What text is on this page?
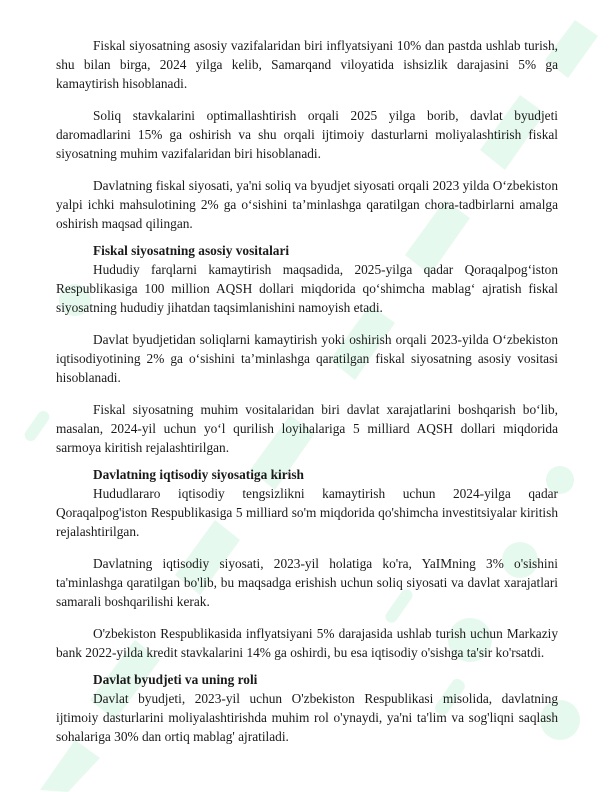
Fiskal siyosatning asosiy vazifalaridan biri inflyatsiyani 10% dan pastda ushlab turish, shu bilan birga, 2024 yilga kelib, Samarqand viloyatida ishsizlik darajasini 5% ga kamaytirish hisoblanadi.

Soliq stavkalarini optimallashtirish orqali 2025 yilga borib, davlat byudjeti daromadlarini 15% ga oshirish va shu orqali ijtimoiy dasturlarni moliyalashtirish fiskal siyosatning muhim vazifalaridan biri hisoblanadi.

Davlatning fiskal siyosati, ya'ni soliq va byudjet siyosati orqali 2023 yilda O‘zbekiston yalpi ichki mahsulotining 2% ga o‘sishini ta’minlashga qaratilgan chora-tadbirlarni amalga oshirish maqsad qilingan.

Fiskal siyosatning asosiy vositalari

Hududiy farqlarni kamaytirish maqsadida, 2025-yilga qadar Qoraqalpog‘iston Respublikasiga 100 million AQSH dollari miqdorida qo‘shimcha mablag‘ ajratish fiskal siyosatning hududiy jihatdan taqsimlanishini namoyish etadi.

Davlat byudjetidan soliqlarni kamaytirish yoki oshirish orqali 2023-yilda O‘zbekiston iqtisodiyotining 2% ga o‘sishini ta’minlashga qaratilgan fiskal siyosatning asosiy vositasi hisoblanadi.

Fiskal siyosatning muhim vositalaridan biri davlat xarajatlarini boshqarish bo‘lib, masalan, 2024-yil uchun yo‘l qurilish loyihalariga 5 milliard AQSH dollari miqdorida sarmoya kiritish rejalashtirilgan.

Davlatning iqtisodiy siyosatiga kirish

Hududlararo iqtisodiy tengsizlikni kamaytirish uchun 2024-yilga qadar Qoraqalpog'iston Respublikasiga 5 milliard so'm miqdorida qo'shimcha investitsiyalar kiritish rejalashtirilgan.

Davlatning iqtisodiy siyosati, 2023-yil holatiga ko'ra, YaIMning 3% o'sishini ta'minlashga qaratilgan bo'lib, bu maqsadga erishish uchun soliq siyosati va davlat xarajatlari samarali boshqarilishi kerak.

O'zbekiston Respublikasida inflyatsiyani 5% darajasida ushlab turish uchun Markaziy bank 2022-yilda kredit stavkalarini 14% ga oshirdi, bu esa iqtisodiy o'sishga ta'sir ko'rsatdi.

Davlat byudjeti va uning roli

Davlat byudjeti, 2023-yil uchun O'zbekiston Respublikasi misolida, davlatning ijtimoiy dasturlarini moliyalashtirishda muhim rol o'ynaydi, ya'ni ta'lim va sog'liqni saqlash sohalariga 30% dan ortiq mablag' ajratiladi.
